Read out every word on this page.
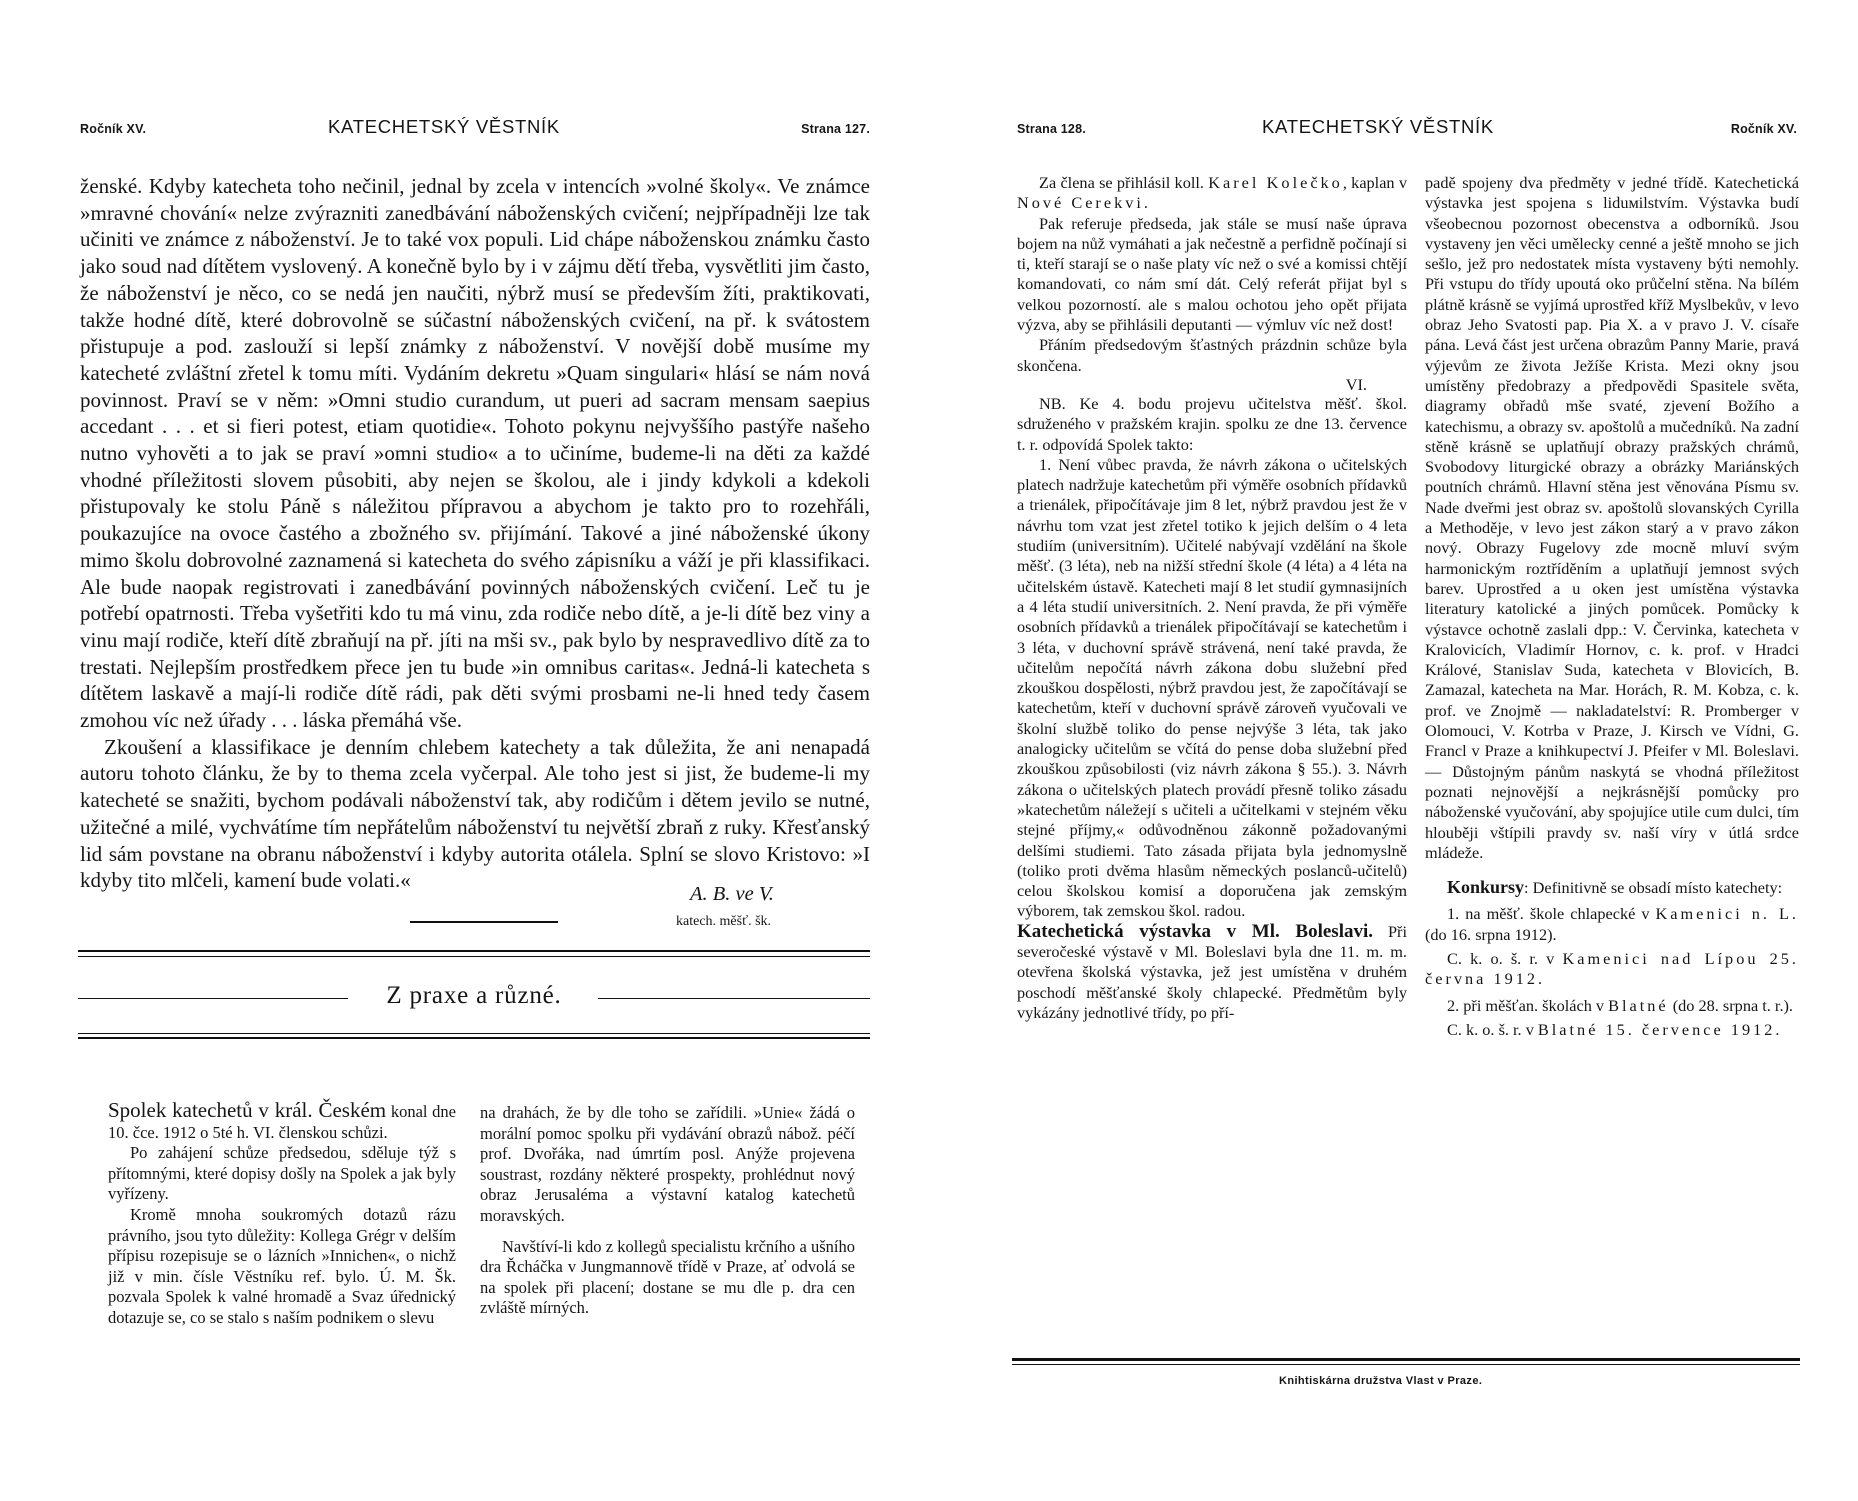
Ročník XV.	KATECHETSKÝ VĚSTNÍK	Strana 127.

ženské. Kdyby katecheta toho nečinil, jednal by zcela v intencích »volné školy«. Ve známce »mravné chování« nelze zvýrazniti zanedbávání náboženských cvičení; nejpřípadněji lze tak učiniti ve známce z náboženství. Je to také vox populi. Lid chápe náboženskou známku často jako soud nad dítětem vyslovený. A konečně bylo by i v zájmu dětí třeba, vysvětliti jim často, že náboženství je něco, co se nedá jen naučiti, nýbrž musí se především žíti, praktikovati, takže hodné dítě, které dobrovolně se súčastní náboženských cvičení, na př. k svátostem přistupuje a pod. zaslouží si lepší známky z náboženství. V novější době musíme my katecheté zvláštní zřetel k tomu míti. Vydáním dekretu »Quam singulari« hlásí se nám nová povinnost. Praví se v něm: »Omni studio curandum, ut pueri ad sacram mensam saepius accedant . . . et si fieri potest, etiam quotidie«. Tohoto pokynu nejvyššího pastýře našeho nutno vyhověti a to jak se praví »omni studio« a to učiníme, budeme-li na děti za každé vhodné příležitosti slovem působiti, aby nejen se školou, ale i jindy kdykoli a kdekoli přistupovaly ke stolu Páně s náležitou přípravou a abychom je takto pro to rozehřáli, poukazujíce na ovoce častého a zbožného sv. přijímání. Takové a jiné náboženské úkony mimo školu dobrovolné zaznamená si katecheta do svého zápisníku a váží je při klassifikaci. Ale bude naopak registrovati i zanedbávání povinných náboženských cvičení. Leč tu je potřebí opatrnosti. Třeba vyšetřiti kdo tu má vinu, zda rodiče nebo dítě, a je-li dítě bez viny a vinu mají rodiče, kteří dítě zbraňují na př. jíti na mši sv., pak bylo by nespravedlivo dítě za to trestati. Nejlepším prostředkem přece jen tu bude »in omnibus caritas«. Jedná-li katecheta s dítětem laskavě a mají-li rodiče dítě rádi, pak děti svými prosbami ne-li hned tedy časem zmohou víc než úřady . . . láska přemáhá vše.

Zkoušení a klassifikace je denním chlebem katechety a tak důležita, že ani nenapadá autoru tohoto článku, že by to thema zcela vyčerpal. Ale toho jest si jist, že budeme-li my katecheté se snažiti, bychom podávali náboženství tak, aby rodičům i dětem jevilo se nutné, užitečné a milé, vychvátíme tím nepřátelům náboženství tu největší zbraň z ruky. Křesťanský lid sám povstane na obranu náboženství i kdyby autorita otálela. Splní se slovo Kristovo: »I kdyby tito mlčeli, kamení bude volati.«

A. B. ve V.
katech. měšť. šk.
Z praxe a různé.

Spolek katechetů v král. Českém konal dne 10. čce. 1912 o 5té h. VI. členskou schůzi.

Po zahájení schůze předsedou, sděluje týž s přítomnými, které dopisy došly na Spolek a jak byly vyřízeny.

Kromě mnoha soukromých dotazů rázu právního, jsou tyto důležity: Kollega Grégr v delším přípisu rozepisuje se o lázních »Innichen«, o nichž již v min. čísle Věstníku ref. bylo. Ú. M. Šk. pozvala Spolek k valné hromadě a Svaz úřednický dotazuje se, co se stalo s naším podnikem o slevu

na drahách, že by dle toho se zařídili. »Unie« žádá o morální pomoc spolku při vydávání obrazů nábož. péčí prof. Dvořáka, nad úmrtím posl. Anýže projevena soustrast, rozdány některé prospekty, prohlédnut nový obraz Jerusaléma a výstavní katalog katechetů moravských.

Navštíví-li kdo z kollegů specialistu krčního a ušního dra Řcháčka v Jungmannově třídě v Praze, ať odvolá se na spolek při placení; dostane se mu dle p. dra cen zvláště mírných.

Strana 128.	KATECHETSKÝ VĚSTNÍK	Ročník XV.

Za člena se přihlásil koll. Karel Kolečko, kaplan v Nové Cerekvi.

Pak referuje předseda, jak stále se musí naše úprava bojem na nůž vymáhati a jak nečestně a perfidně počínají si ti, kteří starají se o naše platy víc než o své a komissi chtějí komandovati, co nám smí dát. Celý referát přijat byl s velkou pozorností. ale s malou ochotou jeho opět přijata výzva, aby se přihlásili deputanti — výmluv víc než dost!

Přáním předsedovým šťastných prázdnin schůze byla skončena.

VI.

NB. Ke 4. bodu projevu učitelstva měšť. škol. sdruženého v pražském krajin. spolku ze dne 13. července t. r. odpovídá Spolek takto:

1. Není vůbec pravda, že návrh zákona o učitelských platech nadržuje katechetům při výměře osobních přídavků a trienálek, připočítávaje jim 8 let, nýbrž pravdou jest že v návrhu tom vzat jest zřetel totiko k jejich delším o 4 leta studiím (universitním). Učitelé nabývají vzdělání na škole měšť. (3 léta), neb na nižší střední škole (4 léta) a 4 léta na učitelském ústavě. Katecheti mají 8 let studií gymnasijních a 4 léta studií universitních. 2. Není pravda, že při výměře osobních přídavků a trienálek připočítávají se katechetům i 3 léta, v duchovní správě strávená, není také pravda, že učitelům nepočítá návrh zákona dobu služební před zkouškou dospělosti, nýbrž pravdou jest, že započítávají se katechetům, kteří v duchovní správě zároveň vyučovali ve školní službě toliko do pense nejvýše 3 léta, tak jako analogicky učitelům se včítá do pense doba služební před zkouškou způsobilosti (viz návrh zákona § 55.). 3. Návrh zákona o učitelských platech provádí přesně toliko zásadu »katechetům náležejí s učiteli a učitelkami v stejném věku stejné příjmy,« odůvodněnou zákonně požadovanými delšími studiemi. Tato zásada přijata byla jednomyslně (toliko proti dvěma hlasům německých poslanců-učitelů) celou školskou komisí a doporučena jak zemským výborem, tak zemskou škol. radou.

Katechetická výstavka v Ml. Boleslavi. Při severočeské výstavě v Ml. Boleslavi byla dne 11. m. m. otevřena školská výstavka, jež jest umístěna v druhém poschodí měšťanské školy chlapecké. Předmětům byly vykázány jednotlivé třídy, po pří-

padě spojeny dva předměty v jedné třídě. Katechetická výstavka jest spojena s liduмilstvím. Výstavka budí všeobecnou pozornost obecenstva a odborníků. Jsou vystaveny jen věci umělecky cenné a ještě mnoho se jich sešlo, jež pro nedostatek místa vystaveny býti nemohly. Při vstupu do třídy upoutá oko průčelní stěna. Na bílém plátně krásně se vyjímá uprostřed kříž Myslbekův, v levo obraz Jeho Svatosti pap. Pia X. a v pravo J. V. císaře pána. Levá část jest určena obrazům Panny Marie, pravá výjevům ze života Ježíše Krista. Mezi okny jsou umístěny předobrazy a předpovědi Spasitele světa, diagramy obřadů mše svaté, zjevení Božího a katechismu, a obrazy sv. apoštolů a mučedníků. Na zadní stěně krásně se uplatňují obrazy pražských chrámů, Svobodovy liturgické obrazy a obrázky Mariánských poutních chrámů. Hlavní stěna jest věnována Písmu sv. Nade dveřmi jest obraz sv. apoštolů slovanských Cyrilla a Methoděje, v levo jest zákon starý a v pravo zákon nový. Obrazy Fugelovy zde mocně mluví svým harmonickým roztříděním a uplatňují jemnost svých barev. Uprostřed a u oken jest umístěna výstavka literatury katolické a jiných pomůcek. Pomůcky k výstavce ochotně zaslali dpp.: V. Červinka, katecheta v Kralovicích, Vladimír Hornov, c. k. prof. v Hradci Králové, Stanislav Suda, katecheta v Blovicích, B. Zamazal, katecheta na Mar. Horách, R. M. Kobza, c. k. prof. ve Znojmě — nakladatelství: R. Promberger v Olomouci, V. Kotrba v Praze, J. Kirsch ve Vídni, G. Francl v Praze a knihkupectví J. Pfeifer v Ml. Boleslavi. — Důstojným pánům naskytá se vhodná příležitost poznati nejnovější a nejkrásnější pomůcky pro náboženské vyučování, aby spojujíce utile cum dulci, tím hlouběji vštípili pravdy sv. naší víry v útlá srdce mládeže.

Konkursy: Definitivně se obsadí místo katechety:

1. na měšť. škole chlapecké v Kamenici n. L. (do 16. srpna 1912).

C. k. o. š. r. v Kamenici nad Lípou 25. června 1912.

2. při měšťan. školách v Blatné (do 28. srpna t. r.).

C. k. o. š. r. v Blatné 15. července 1912.

Knihtiskárna družstva Vlast v Praze.
